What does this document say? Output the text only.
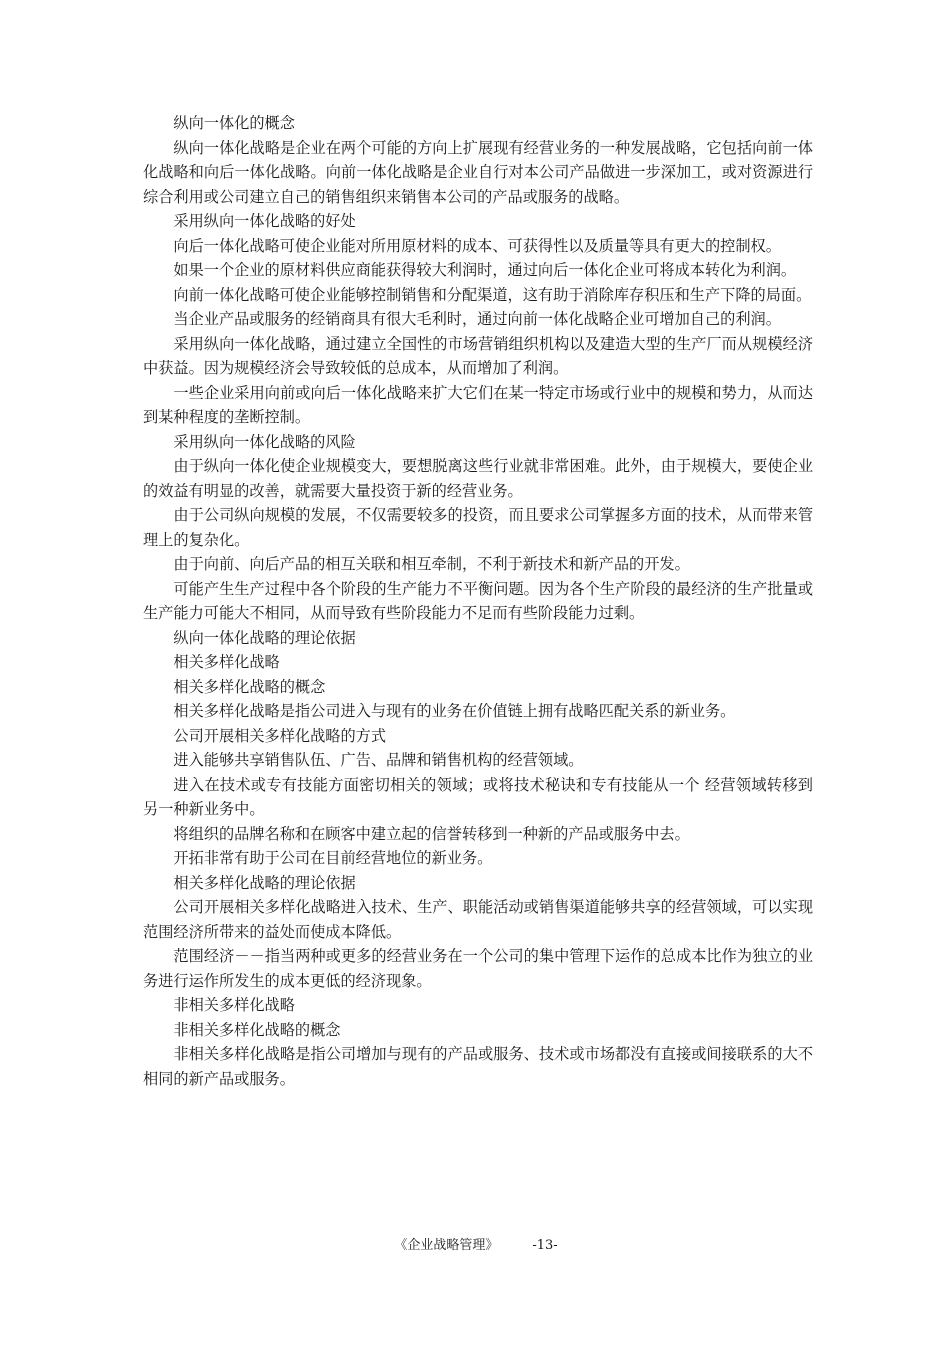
纵向一体化的概念

纵向一体化战略是企业在两个可能的方向上扩展现有经营业务的一种发展战略，它包括向前一体化战略和向后一体化战略。向前一体化战略是企业自行对本公司产品做进一步深加工，或对资源进行综合利用或公司建立自己的销售组织来销售本公司的产品或服务的战略。

采用纵向一体化战略的好处

向后一体化战略可使企业能对所用原材料的成本、可获得性以及质量等具有更大的控制权。

如果一个企业的原材料供应商能获得较大利润时，通过向后一体化企业可将成本转化为利润。

向前一体化战略可使企业能够控制销售和分配渠道，这有助于消除库存积压和生产下降的局面。

当企业产品或服务的经销商具有很大毛利时，通过向前一体化战略企业可增加自己的利润。

采用纵向一体化战略，通过建立全国性的市场营销组织机构以及建造大型的生产厂而从规模经济中获益。因为规模经济会导致较低的总成本，从而增加了利润。

一些企业采用向前或向后一体化战略来扩大它们在某一特定市场或行业中的规模和势力，从而达到某种程度的垄断控制。

采用纵向一体化战略的风险

由于纵向一体化使企业规模变大，要想脱离这些行业就非常困难。此外，由于规模大，要使企业的效益有明显的改善，就需要大量投资于新的经营业务。

由于公司纵向规模的发展，不仅需要较多的投资，而且要求公司掌握多方面的技术，从而带来管理上的复杂化。

由于向前、向后产品的相互关联和相互牵制，不利于新技术和新产品的开发。

可能产生生产过程中各个阶段的生产能力不平衡问题。因为各个生产阶段的最经济的生产批量或生产能力可能大不相同，从而导致有些阶段能力不足而有些阶段能力过剩。

纵向一体化战略的理论依据

相关多样化战略

相关多样化战略的概念

相关多样化战略是指公司进入与现有的业务在价值链上拥有战略匹配关系的新业务。

公司开展相关多样化战略的方式

进入能够共享销售队伍、广告、品牌和销售机构的经营领域。

进入在技术或专有技能方面密切相关的领域；或将技术秘诀和专有技能从一个 经营领域转移到另一种新业务中。

将组织的品牌名称和在顾客中建立起的信誉转移到一种新的产品或服务中去。

开拓非常有助于公司在目前经营地位的新业务。

相关多样化战略的理论依据

公司开展相关多样化战略进入技术、生产、职能活动或销售渠道能够共享的经营领域，可以实现范围经济所带来的益处而使成本降低。

范围经济－－指当两种或更多的经营业务在一个公司的集中管理下运作的总成本比作为独立的业务进行运作所发生的成本更低的经济现象。

非相关多样化战略

非相关多样化战略的概念

非相关多样化战略是指公司增加与现有的产品或服务、技术或市场都没有直接或间接联系的大不相同的新产品或服务。

《企业战略管理》	-13-
